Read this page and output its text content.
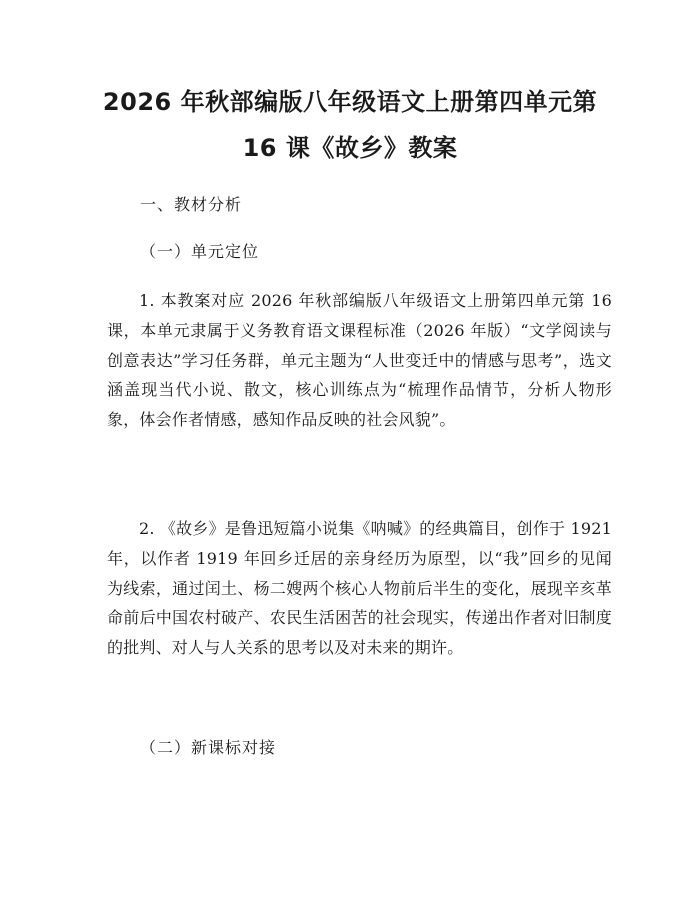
2026 年秋部编版八年级语文上册第四单元第
16 课《故乡》教案
一、教材分析
（一）单元定位
1. 本教案对应 2026 年秋部编版八年级语文上册第四单元第 16 课，本单元隶属于义务教育语文课程标准（2026 年版）“文学阅读与创意表达”学习任务群，单元主题为“人世变迁中的情感与思考”，选文涵盖现当代小说、散文，核心训练点为“梳理作品情节，分析人物形象，体会作者情感，感知作品反映的社会风貌”。
2. 《故乡》是鲁迅短篇小说集《呐喊》的经典篇目，创作于 1921 年，以作者 1919 年回乡迁居的亲身经历为原型，以“我”回乡的见闻为线索，通过闰土、杨二嫂两个核心人物前后半生的变化，展现辛亥革命前后中国农村破产、农民生活困苦的社会现实，传递出作者对旧制度的批判、对人与人关系的思考以及对未来的期许。
（二）新课标对接
